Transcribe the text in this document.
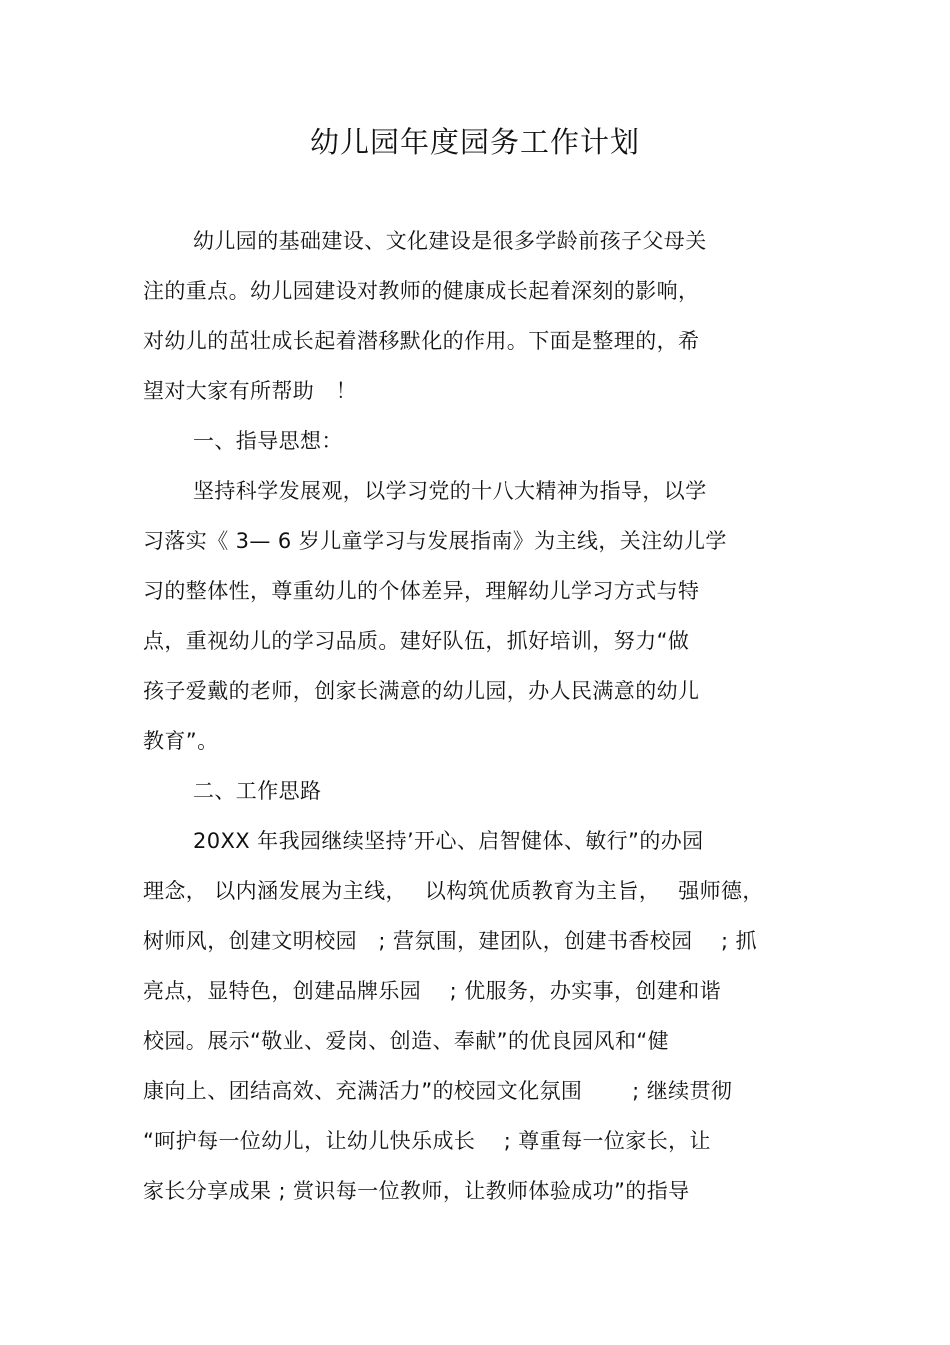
幼儿园年度园务工作计划
幼儿园的基础建设、文化建设是很多学龄前孩子父母关
注的重点。幼儿园建设对教师的健康成长起着深刻的影响，
对幼儿的茁壮成长起着潜移默化的作用。下面是整理的，希
望对大家有所帮助　！
一、指导思想：
坚持科学发展观，以学习党的十八大精神为指导，以学
习落实《 3— 6 岁儿童学习与发展指南》为主线，关注幼儿学
习的整体性，尊重幼儿的个体差异，理解幼儿学习方式与特
点，重视幼儿的学习品质。建好队伍，抓好培训，努力“做
孩子爱戴的老师，创家长满意的幼儿园，办人民满意的幼儿
教育”。
二、工作思路
20XX 年我园继续坚持’开心、启智健体、敏行”的办园
理念， 以内涵发展为主线，　 以构筑优质教育为主旨，　 强师德，
树师风，创建文明校园　; 营氛围，建团队，创建书香校园　 ; 抓
亮点，显特色，创建品牌乐园　 ; 优服务，办实事，创建和谐
校园。展示“敬业、爱岗、创造、奉献”的优良园风和“健
康向上、团结高效、充满活力”的校园文化氛围　　 ; 继续贯彻
“呵护每一位幼儿，让幼儿快乐成长　 ; 尊重每一位家长，让
家长分享成果 ; 赏识每一位教师，让教师体验成功”的指导
